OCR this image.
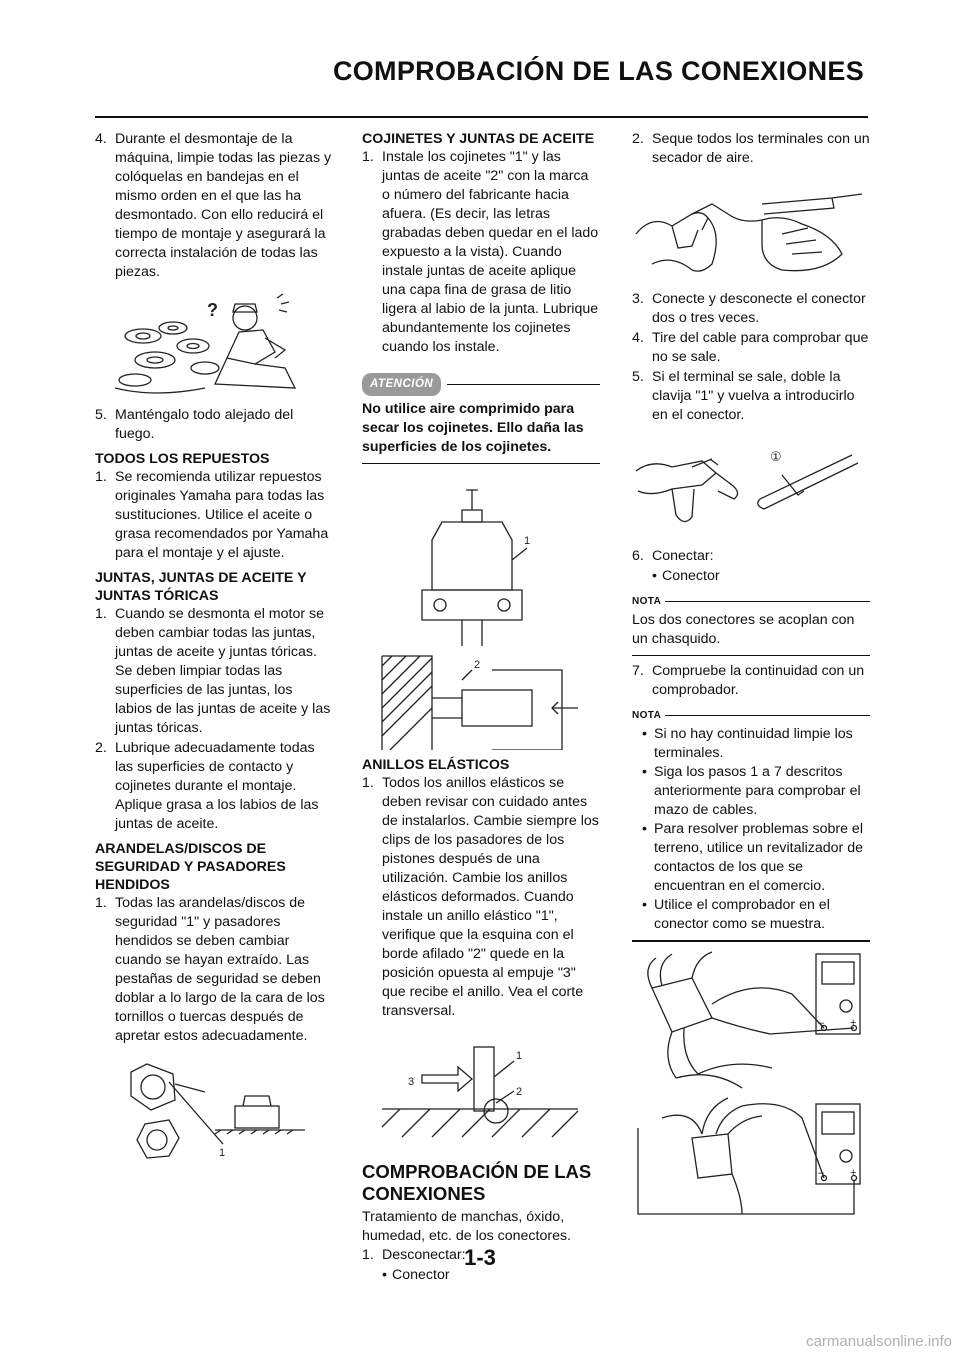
COMPROBACIÓN DE LAS CONEXIONES
4. Durante el desmontaje de la máquina, limpie todas las piezas y colóquelas en bandejas en el mismo orden en el que las ha desmontado. Con ello reducirá el tiempo de montaje y asegurará la correcta instalación de todas las piezas.
?
5. Manténgalo todo alejado del fuego.
TODOS LOS REPUESTOS
1. Se recomienda utilizar repuestos originales Yamaha para todas las sustituciones. Utilice el aceite o grasa recomendados por Yamaha para el montaje y el ajuste.
JUNTAS, JUNTAS DE ACEITE Y JUNTAS TÓRICAS
1. Cuando se desmonta el motor se deben cambiar todas las juntas, juntas de aceite y juntas tóricas. Se deben limpiar todas las superficies de las juntas, los labios de las juntas de aceite y las juntas tóricas.
2. Lubrique adecuadamente todas las superficies de contacto y cojinetes durante el montaje. Aplique grasa a los labios de las juntas de aceite.
ARANDELAS/DISCOS DE SEGURIDAD Y PASADORES HENDIDOS
1. Todas las arandelas/discos de seguridad "1" y pasadores hendidos se deben cambiar cuando se hayan extraído. Las pestañas de seguridad se deben doblar a lo largo de la cara de los tornillos o tuercas después de apretar estos adecuadamente.
1
COJINETES Y JUNTAS DE ACEITE
1. Instale los cojinetes "1" y las juntas de aceite "2" con la marca o número del fabricante hacia afuera. (Es decir, las letras grabadas deben quedar en el lado expuesto a la vista). Cuando instale juntas de aceite aplique una capa fina de grasa de litio ligera al labio de la junta. Lubrique abundantemente los cojinetes cuando los instale.
ATENCIÓN
No utilice aire comprimido para secar los cojinetes. Ello daña las superficies de los cojinetes.
1
2
ANILLOS ELÁSTICOS
1. Todos los anillos elásticos se deben revisar con cuidado antes de instalarlos. Cambie siempre los clips de los pasadores de los pistones después de una utilización. Cambie los anillos elásticos deformados. Cuando instale un anillo elástico "1", verifique que la esquina con el borde afilado "2" quede en la posición opuesta al empuje "3" que recibe el anillo. Vea el corte transversal.
3
1
2
COMPROBACIÓN DE LAS CONEXIONES
Tratamiento de manchas, óxido, humedad, etc. de los conectores.
1. Desconectar:
• Conector
2. Seque todos los terminales con un secador de aire.
3. Conecte y desconecte el conector dos o tres veces.
4. Tire del cable para comprobar que no se sale.
5. Si el terminal se sale, doble la clavija "1" y vuelva a introducirlo en el conector.
①
6. Conectar:
• Conector
NOTA
Los dos conectores se acoplan con un chasquido.
7. Compruebe la continuidad con un comprobador.
NOTA
• Si no hay continuidad limpie los terminales.
• Siga los pasos 1 a 7 descritos anteriormente para comprobar el mazo de cables.
• Para resolver problemas sobre el terreno, utilice un revitalizador de contactos de los que se encuentran en el comercio.
• Utilice el comprobador en el conector como se muestra.
– +
– +
1-3
carmanualsonline.info
